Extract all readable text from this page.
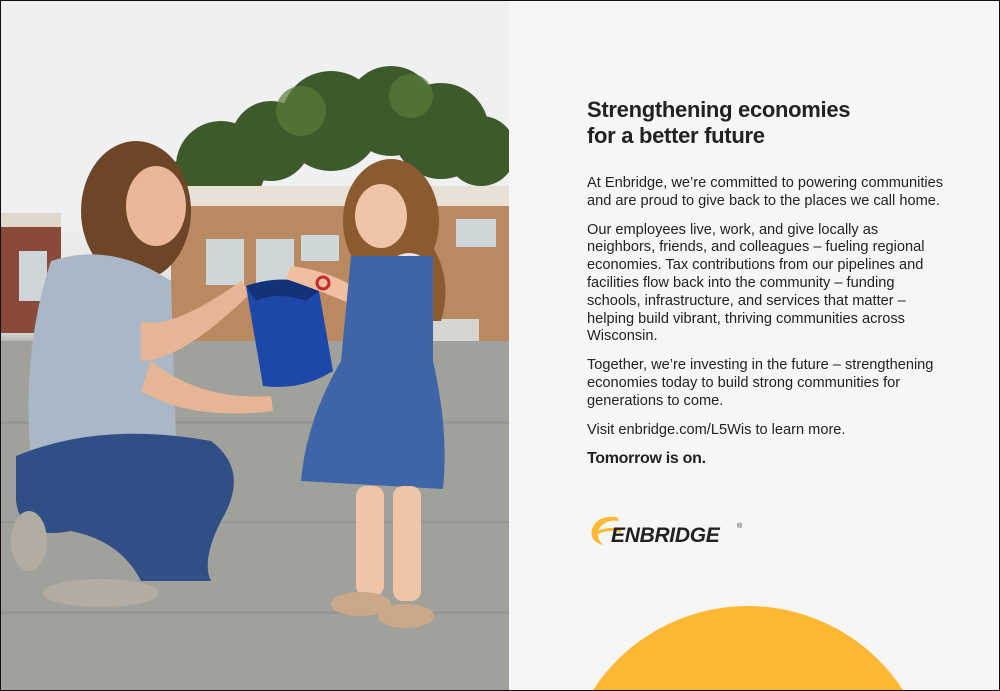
Strengthening economies
for a better future

At Enbridge, we’re committed to powering communities and are proud to give back to the places we call home.

Our employees live, work, and give locally as neighbors, friends, and colleagues – fueling regional economies. Tax contributions from our pipelines and facilities flow back into the community – funding schools, infrastructure, and services that matter – helping build vibrant, thriving communities across Wisconsin.

Together, we’re investing in the future – strengthening economies today to build strong communities for generations to come.

Visit enbridge.com/L5Wis to learn more.

Tomorrow is on.

ENBRIDGE	®
